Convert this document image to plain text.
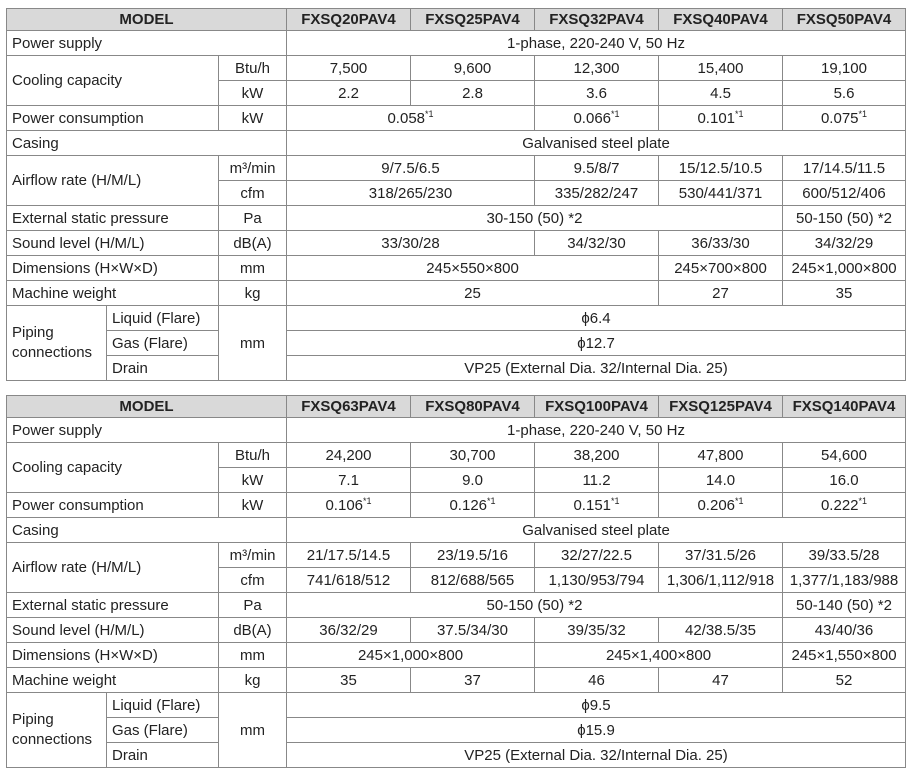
MODEL			FXSQ20PAV4	FXSQ25PAV4	FXSQ32PAV4	FXSQ40PAV4	FXSQ50PAV4
Power supply			1-phase, 220-240 V, 50 Hz				
Cooling capacity		Btu/h	7,500	9,600	12,300	15,400	19,100
		kW	2.2	2.8	3.6	4.5	5.6
Power consumption		kW	0.058$^{*1}$		0.066$^{*1}$	0.101$^{*1}$	0.075$^{*1}$
Casing			Galvanised steel plate				
Airflow rate (H/M/L)		m³/min	9/7.5/6.5		9.5/8/7	15/12.5/10.5	17/14.5/11.5
		cfm	318/265/230		335/282/247	530/441/371	600/512/406
External static pressure		Pa	30-150 (50) *2				50-150 (50) *2
Sound level (H/M/L)		dB(A)	33/30/28		34/32/30	36/33/30	34/32/29
Dimensions (H×W×D)		mm	245×550×800			245×700×800	245×1,000×800
Machine weight		kg	25			27	35
Piping connections	Liquid (Flare)	mm	ϕ6.4				
	Gas (Flare)		ϕ12.7				
	Drain		VP25 (External Dia. 32/Internal Dia. 25)				
MODEL			FXSQ63PAV4	FXSQ80PAV4	FXSQ100PAV4	FXSQ125PAV4	FXSQ140PAV4
Power supply			1-phase, 220-240 V, 50 Hz				
Cooling capacity		Btu/h	24,200	30,700	38,200	47,800	54,600
		kW	7.1	9.0	11.2	14.0	16.0
Power consumption		kW	0.106$^{*1}$	0.126$^{*1}$	0.151$^{*1}$	0.206$^{*1}$	0.222$^{*1}$
Casing			Galvanised steel plate				
Airflow rate (H/M/L)		m³/min	21/17.5/14.5	23/19.5/16	32/27/22.5	37/31.5/26	39/33.5/28
		cfm	741/618/512	812/688/565	1,130/953/794	1,306/1,112/918	1,377/1,183/988
External static pressure		Pa	50-150 (50) *2				50-140 (50) *2
Sound level (H/M/L)		dB(A)	36/32/29	37.5/34/30	39/35/32	42/38.5/35	43/40/36
Dimensions (H×W×D)		mm	245×1,000×800		245×1,400×800		245×1,550×800
Machine weight		kg	35	37	46	47	52
Piping connections	Liquid (Flare)	mm	ϕ9.5				
	Gas (Flare)		ϕ15.9				
	Drain		VP25 (External Dia. 32/Internal Dia. 25)				
